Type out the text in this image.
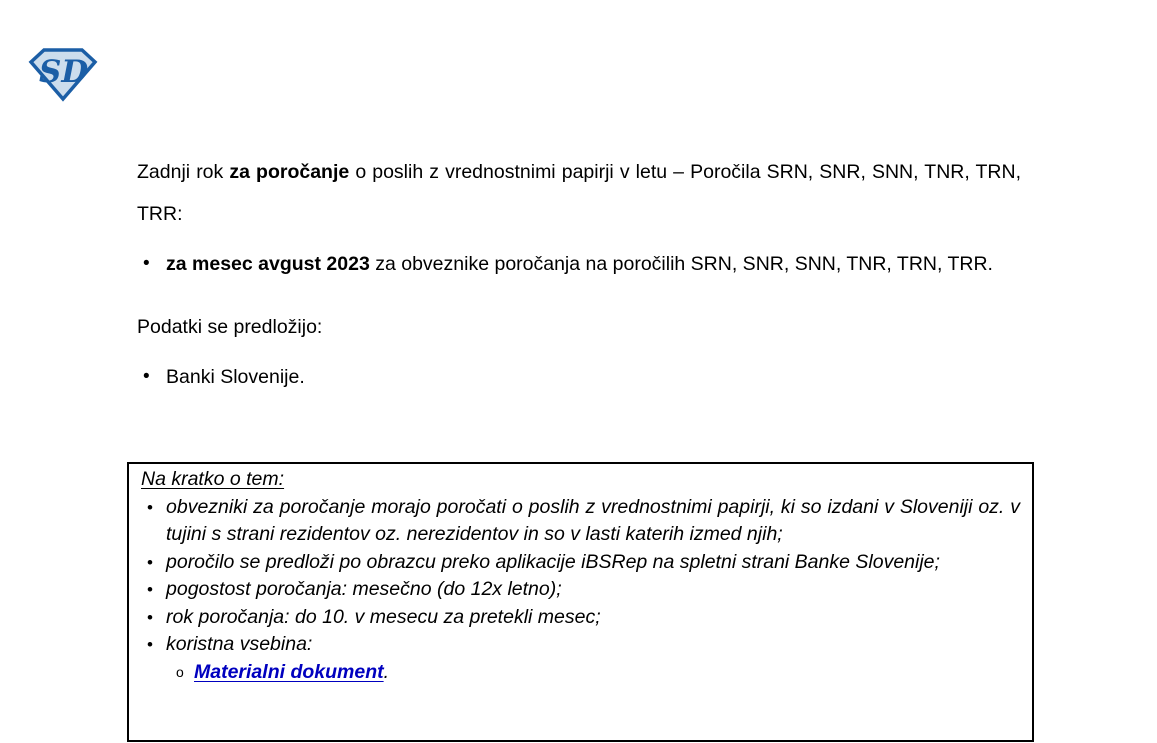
SD

Zadnji rok za poročanje o poslih z vrednostnimi papirji v letu – Poročila SRN, SNR, SNN, TNR, TRN, TRR:

• za mesec avgust 2023 za obveznike poročanja na poročilih SRN, SNR, SNN, TNR, TRN, TRR.

Podatki se predložijo:

• Banki Slovenije.
Na kratko o tem:
• obvezniki za poročanje morajo poročati o poslih z vrednostnimi papirji, ki so izdani v Sloveniji oz. v tujini s strani rezidentov oz. nerezidentov in so v lasti katerih izmed njih;
• poročilo se predloži po obrazcu preko aplikacije iBSRep na spletni strani Banke Slovenije;
• pogostost poročanja: mesečno (do 12x letno);
• rok poročanja: do 10. v mesecu za pretekli mesec;
• koristna vsebina:
o Materialni dokument.
